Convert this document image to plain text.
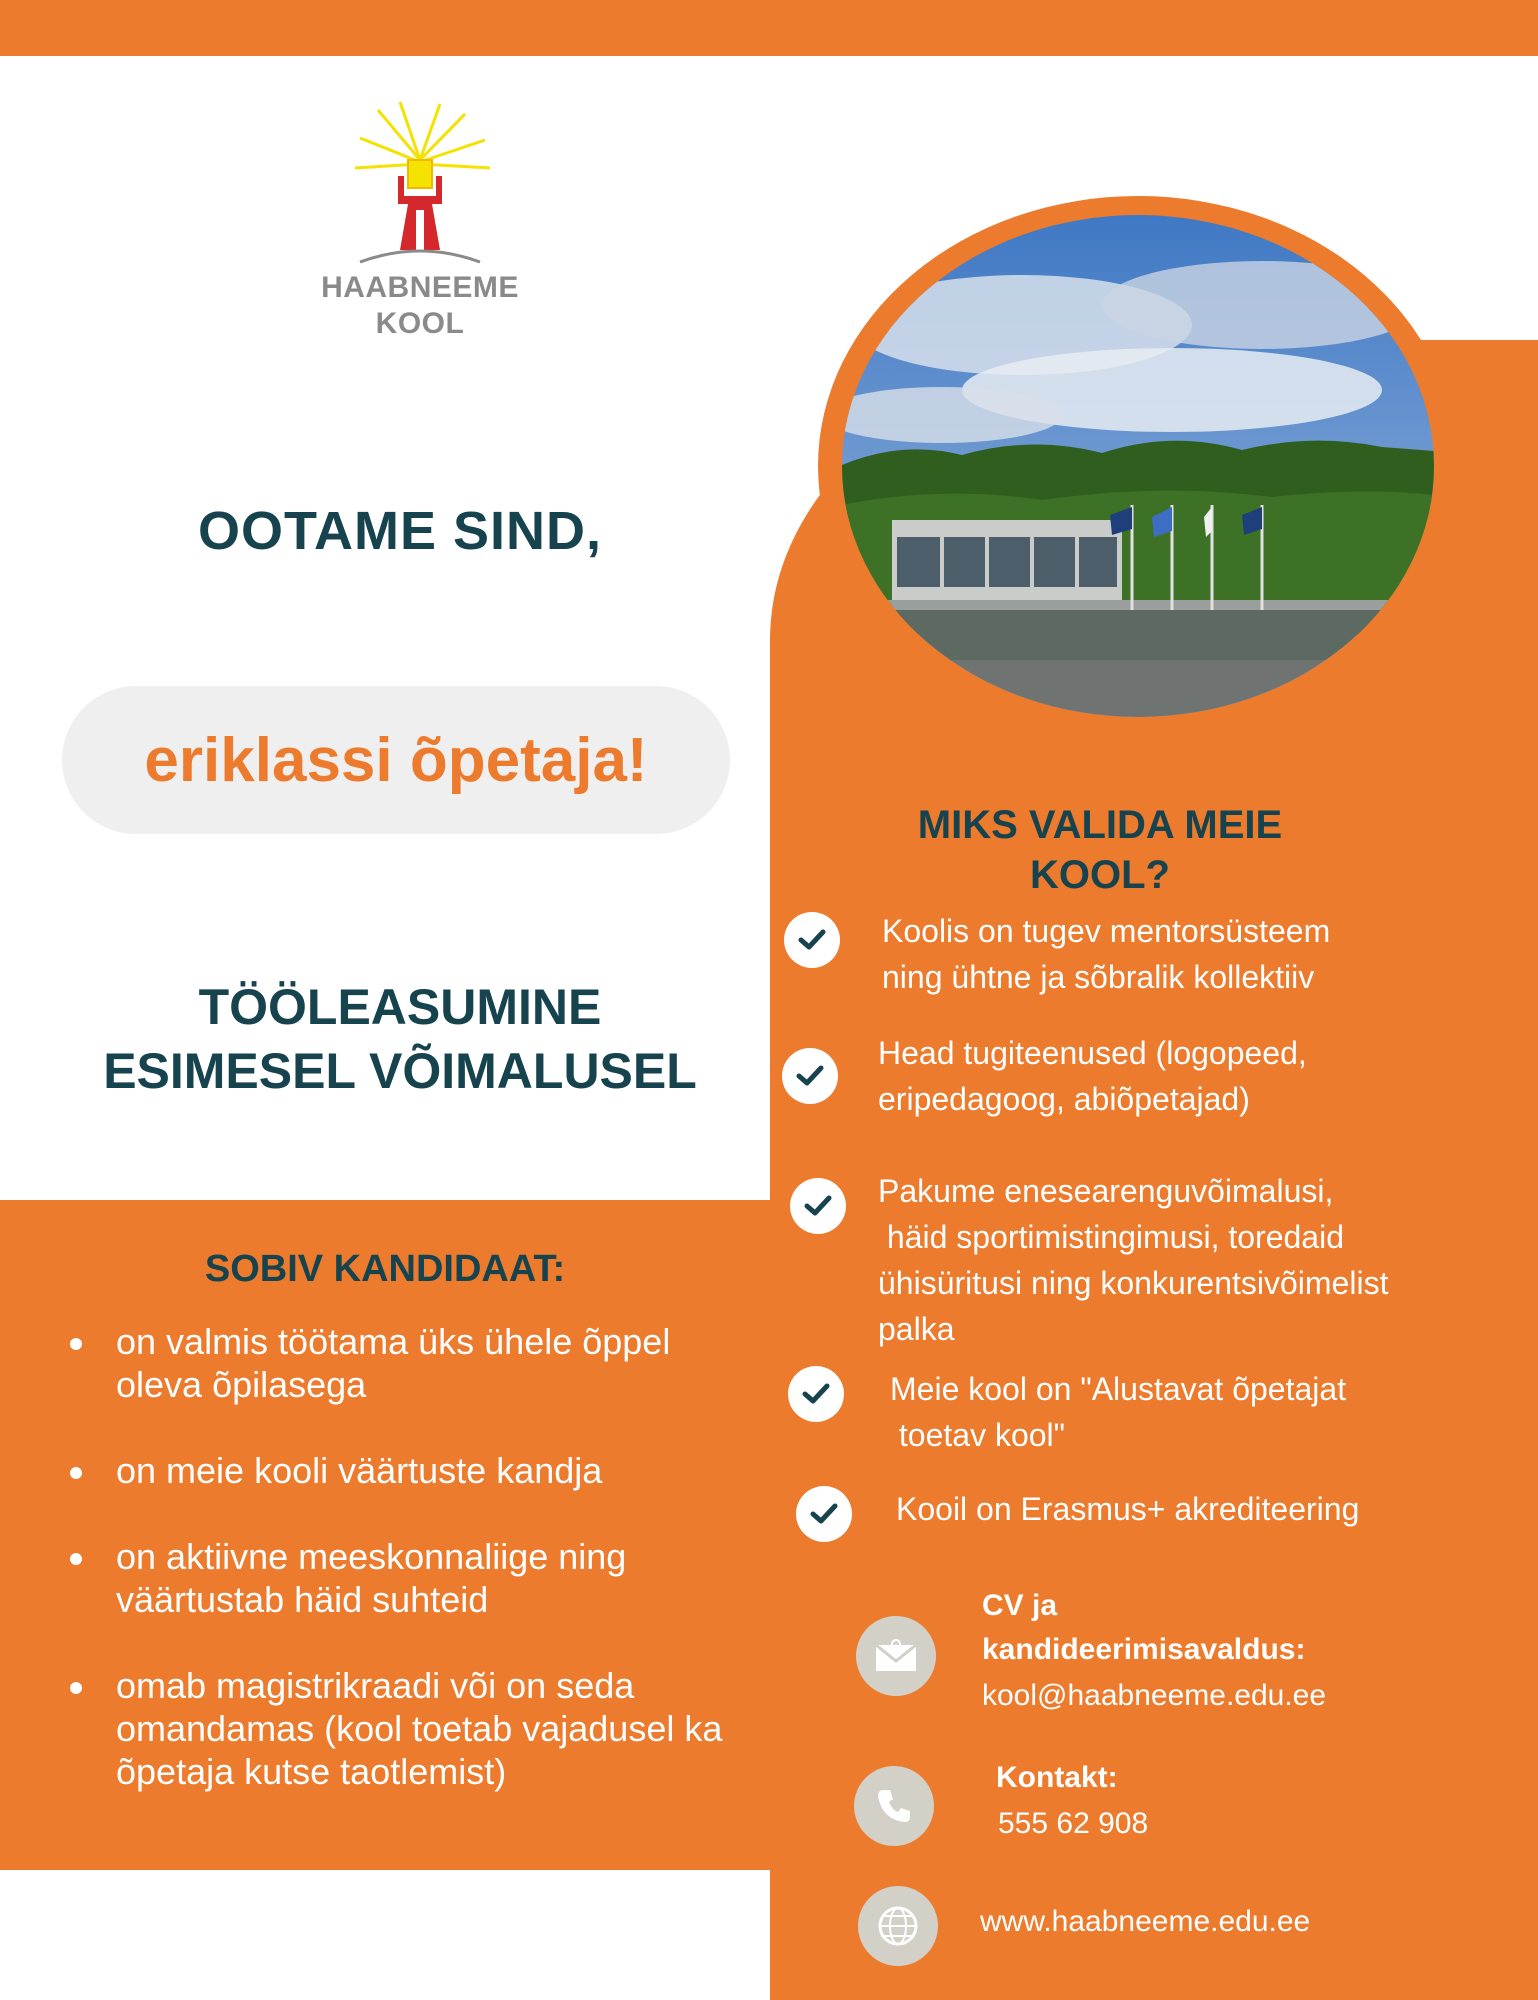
HAABNEEME
KOOL
OOTAME SIND,
eriklassi õpetaja!
TÖÖLEASUMINE
ESIMESEL VÕIMALUSEL
SOBIV KANDIDAAT:
on valmis töötama üks ühele õppel oleva õpilasega
on meie kooli väärtuste kandja
on aktiivne meeskonnaliige ning väärtustab häid suhteid
omab magistrikraadi või on seda omandamas (kool toetab vajadusel ka õpetaja kutse taotlemist)
MIKS VALIDA MEIE
KOOL?
Koolis on tugev mentorsüsteem
ning ühtne ja sõbralik kollektiiv
Head tugiteenused (logopeed,
eripedagoog, abiõpetajad)
Pakume enesearenguvõimalusi,
häid sportimistingimusi, toredaid
ühisüritusi ning konkurentsivõimelist
palka
Meie kool on "Alustavat õpetajat
toetav kool"
Kooil on Erasmus+ akrediteering
CV ja
kandideerimisavaldus:
kool@haabneeme.edu.ee
Kontakt:
555 62 908
www.haabneeme.edu.ee
